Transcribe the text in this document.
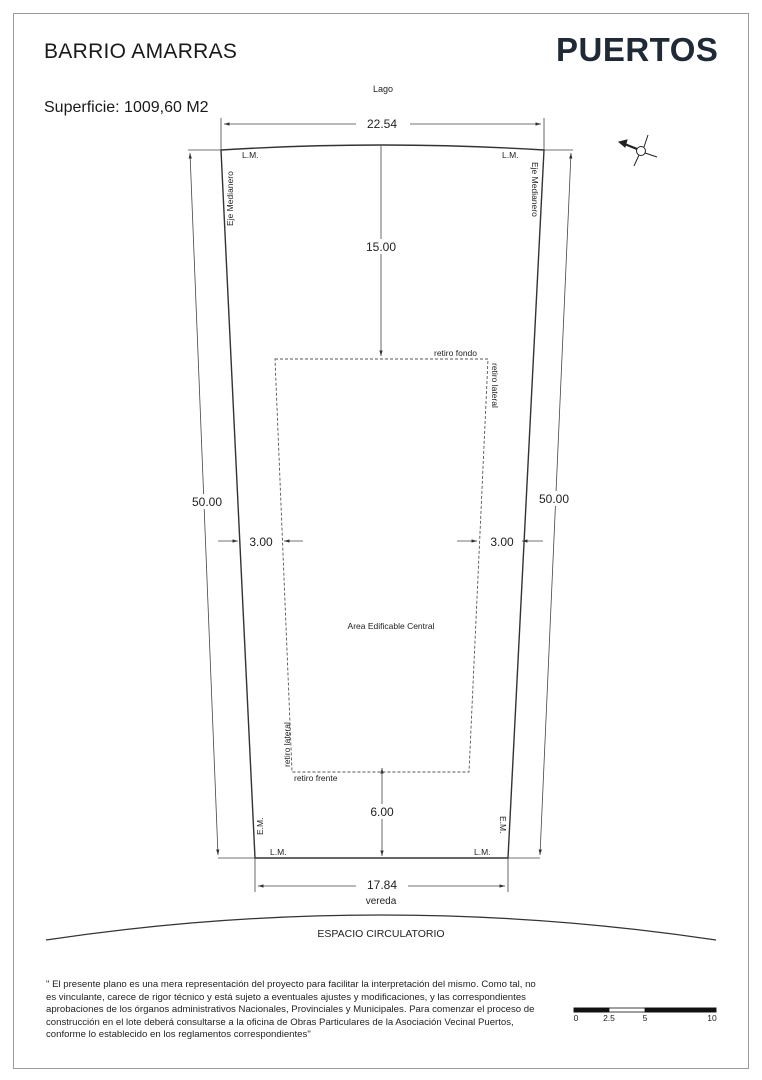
BARRIO AMARRAS
Superficie: 1009,60 M2
PUERTOS
Lago
22.54
50.00	50.00
L.M.	L.M.
L.M.	L.M.
Eje Medianero	Eje Medianero
E.M.	E.M.
15.00
retiro fondo
retiro lateral
retiro lateral
retiro frente
Area Edificable Central
3.00	3.00
6.00
17.84
vereda
ESPACIO CIRCULATORIO
0	2.5	5	10
" El presente plano es una mera representación del proyecto para facilitar la interpretación del mismo. Como tal, no es vinculante, carece de rigor técnico y está sujeto a eventuales ajustes y modificaciones, y las correspondientes aprobaciones de los órganos administrativos Nacionales, Provinciales y Municipales. Para comenzar el proceso de construcción en el lote deberá consultarse a la oficina de Obras Particulares de la Asociación Vecinal Puertos, conforme lo establecido en los reglamentos correspondientes"
